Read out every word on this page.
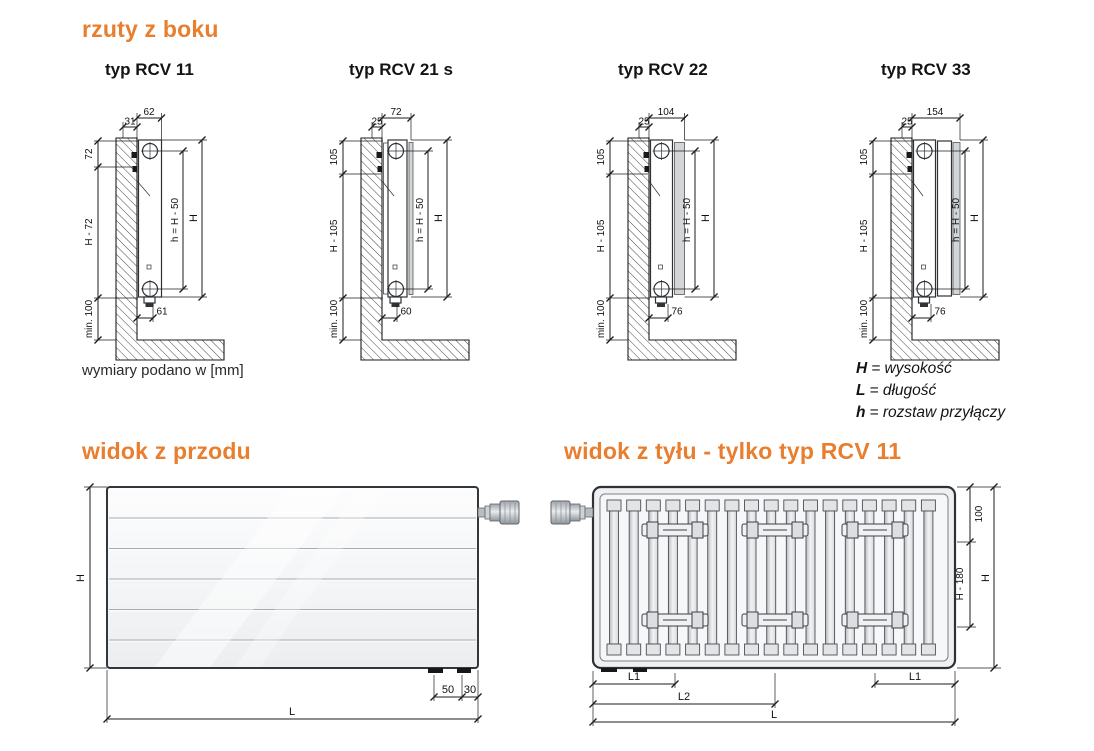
rzuty z boku
typ RCV 11	typ RCV 21 s	typ RCV 22	typ RCV 33
wymiary podano w [mm]	H = wysokość
L = długość
h = rozstaw przyłączy
widok z przodu	widok z tyłu - tylko typ RCV 11
62
31
72
H - 72
min. 100
h = H - 50 H
61
72
25
105
H - 105
min. 100
h = H - 50 H
60
104
25
105
H - 105
min. 100
h = H - 50 H
76
154
25
105
H - 105
min. 100
h = H - 50 H
76
H
50 30
L
100
H - 180 H
L1	L1
L2
L
